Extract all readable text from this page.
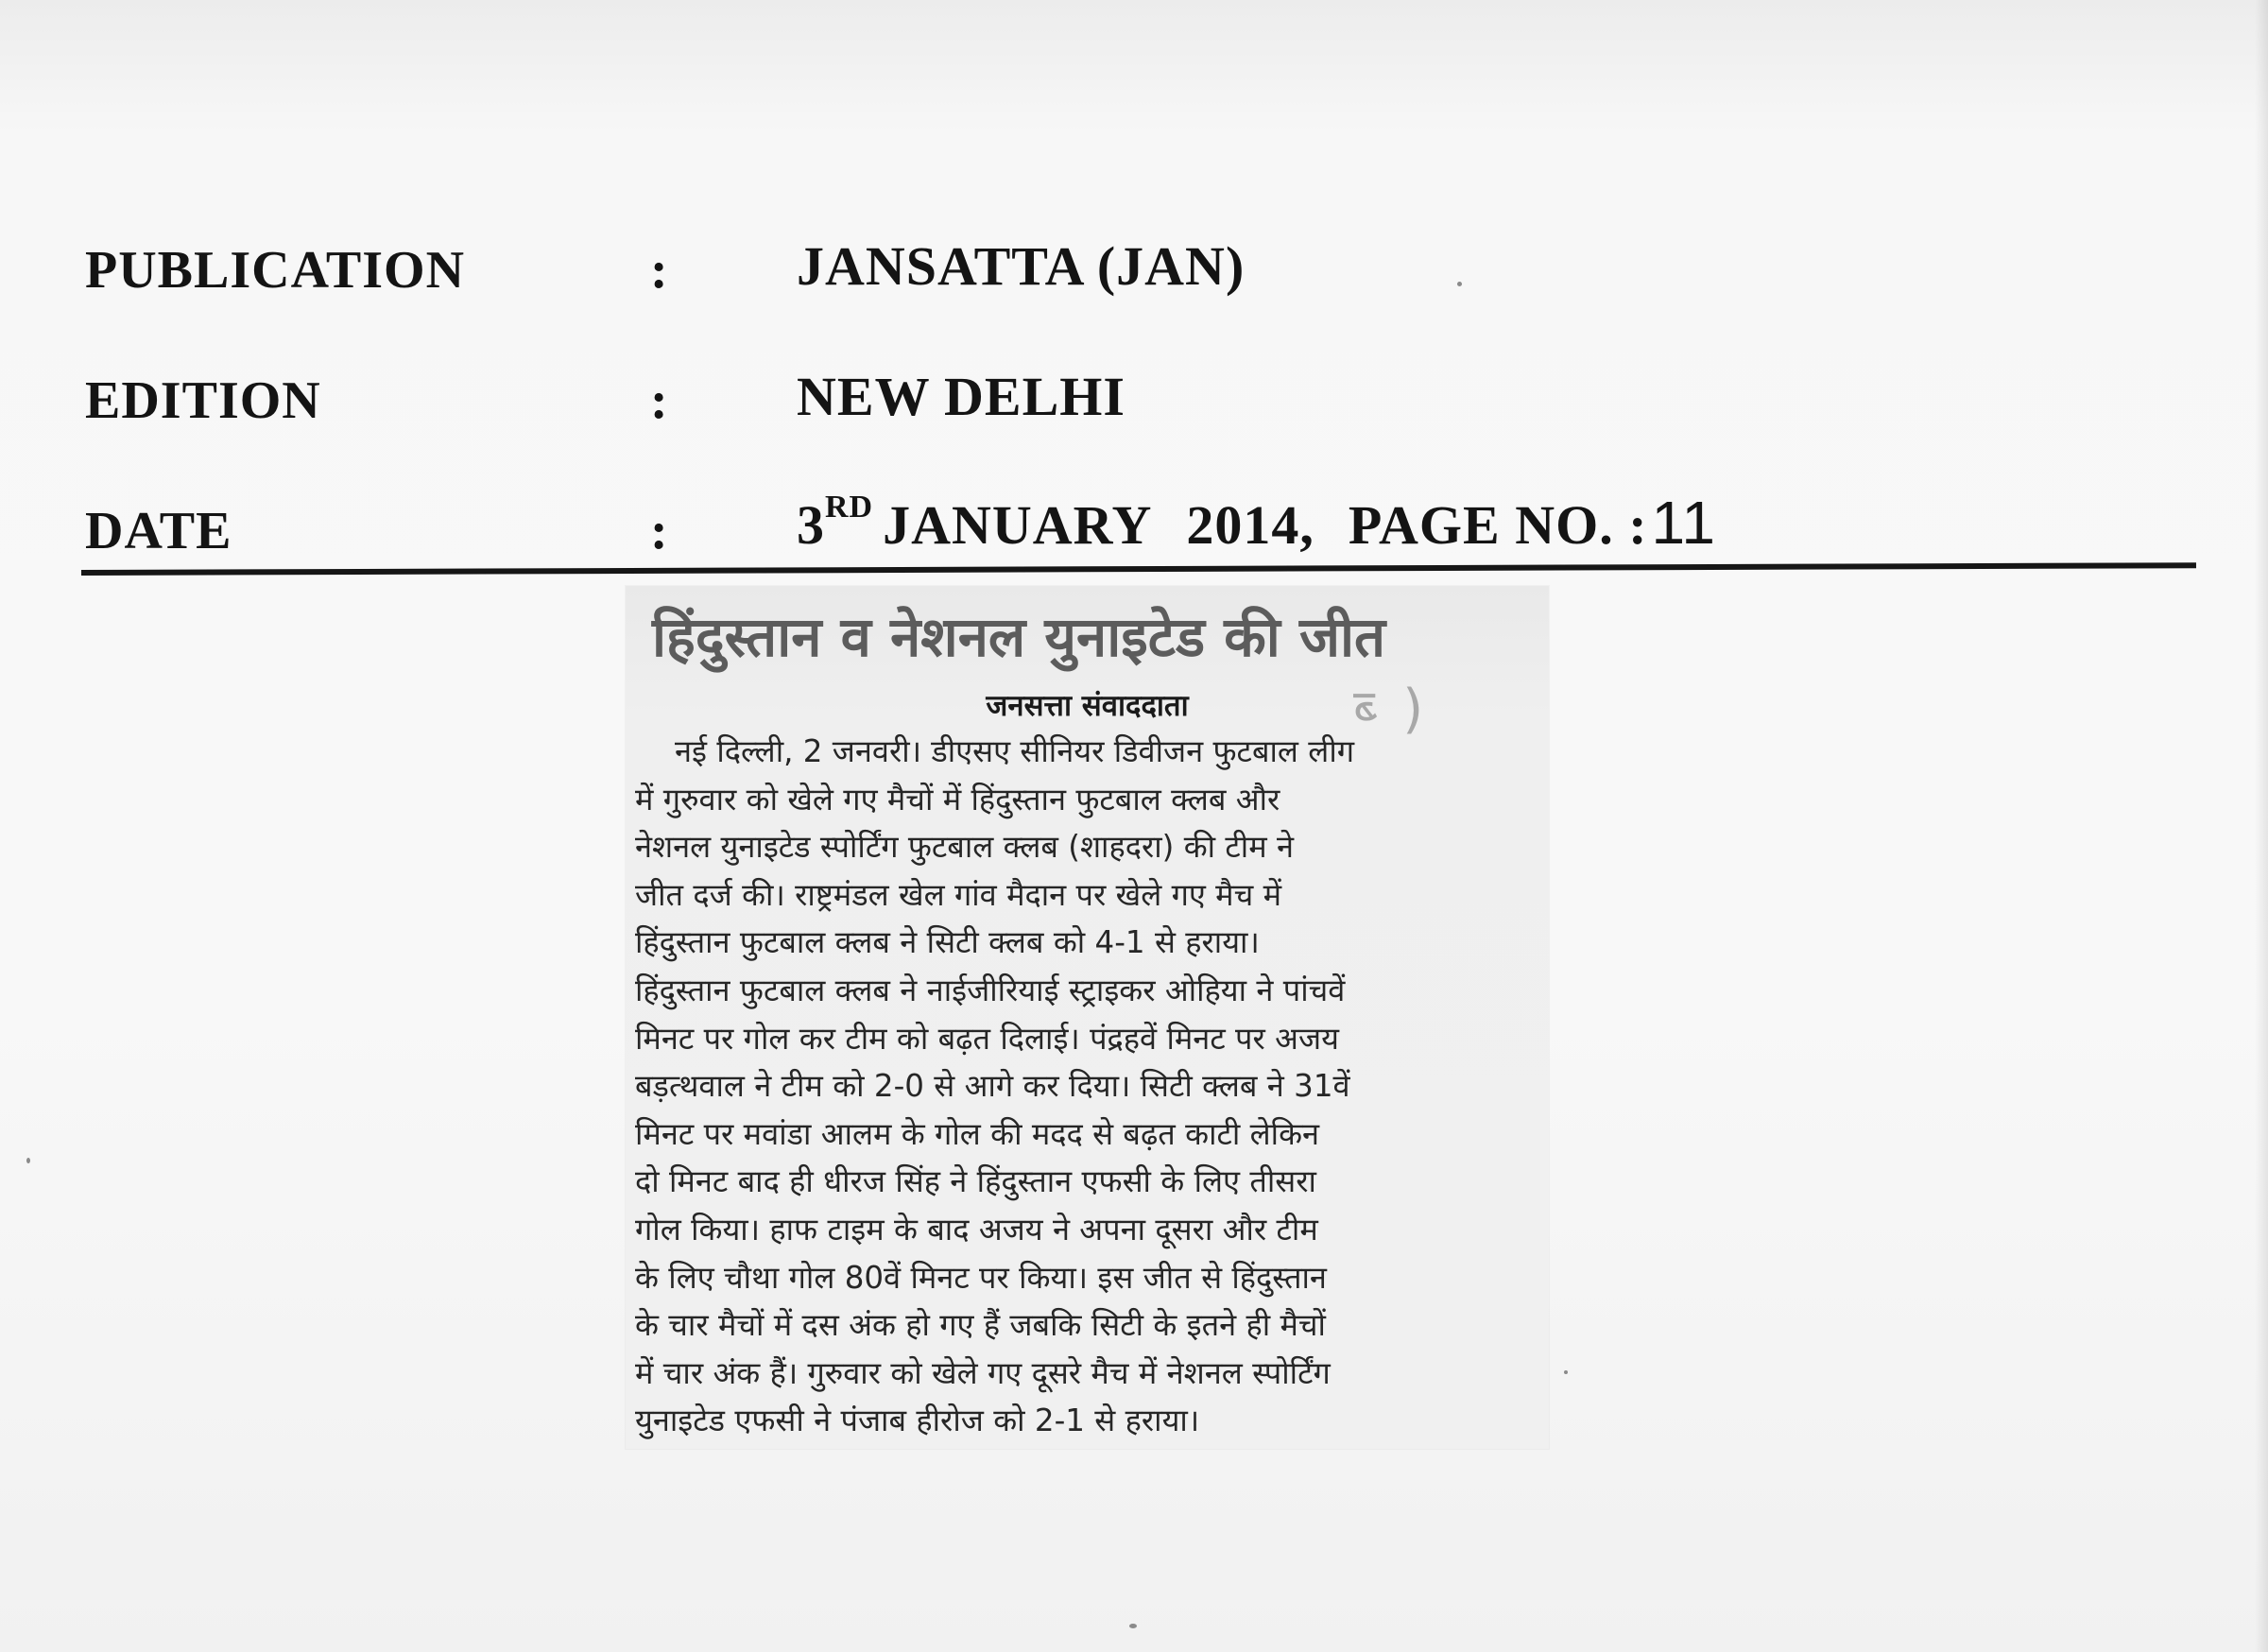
PUBLICATION	: JANSATTA (JAN)
EDITION	: NEW DELHI
DATE	: 3RD JANUARY 2014, PAGE NO. :11
हिंदुस्तान व नेशनल युनाइटेड की जीत
ब्‍ )
जनसत्ता संवाददाता
नई दिल्ली, 2 जनवरी। डीएसए सीनियर डिवीजन फुटबाल लीग
में गुरुवार को खेले गए मैचों में हिंदुस्तान फुटबाल क्लब और
नेशनल युनाइटेड स्पोर्टिंग फुटबाल क्लब (शाहदरा) की टीम ने
जीत दर्ज की। राष्ट्रमंडल खेल गांव मैदान पर खेले गए मैच में
हिंदुस्तान फुटबाल क्लब ने सिटी क्लब को 4-1 से हराया।
हिंदुस्तान फुटबाल क्लब ने नाईजीरियाई स्ट्राइकर ओहिया ने पांचवें
मिनट पर गोल कर टीम को बढ़त दिलाई। पंद्रहवें मिनट पर अजय
बड़त्थवाल ने टीम को 2-0 से आगे कर दिया। सिटी क्लब ने 31वें
मिनट पर मवांडा आलम के गोल की मदद से बढ़त काटी लेकिन
दो मिनट बाद ही धीरज सिंह ने हिंदुस्तान एफसी के लिए तीसरा
गोल किया। हाफ टाइम के बाद अजय ने अपना दूसरा और टीम
के लिए चौथा गोल 80वें मिनट पर किया। इस जीत से हिंदुस्तान
के चार मैचों में दस अंक हो गए हैं जबकि सिटी के इतने ही मैचों
में चार अंक हैं। गुरुवार को खेले गए दूसरे मैच में नेशनल स्पोर्टिंग
युनाइटेड एफसी ने पंजाब हीरोज को 2-1 से हराया।
